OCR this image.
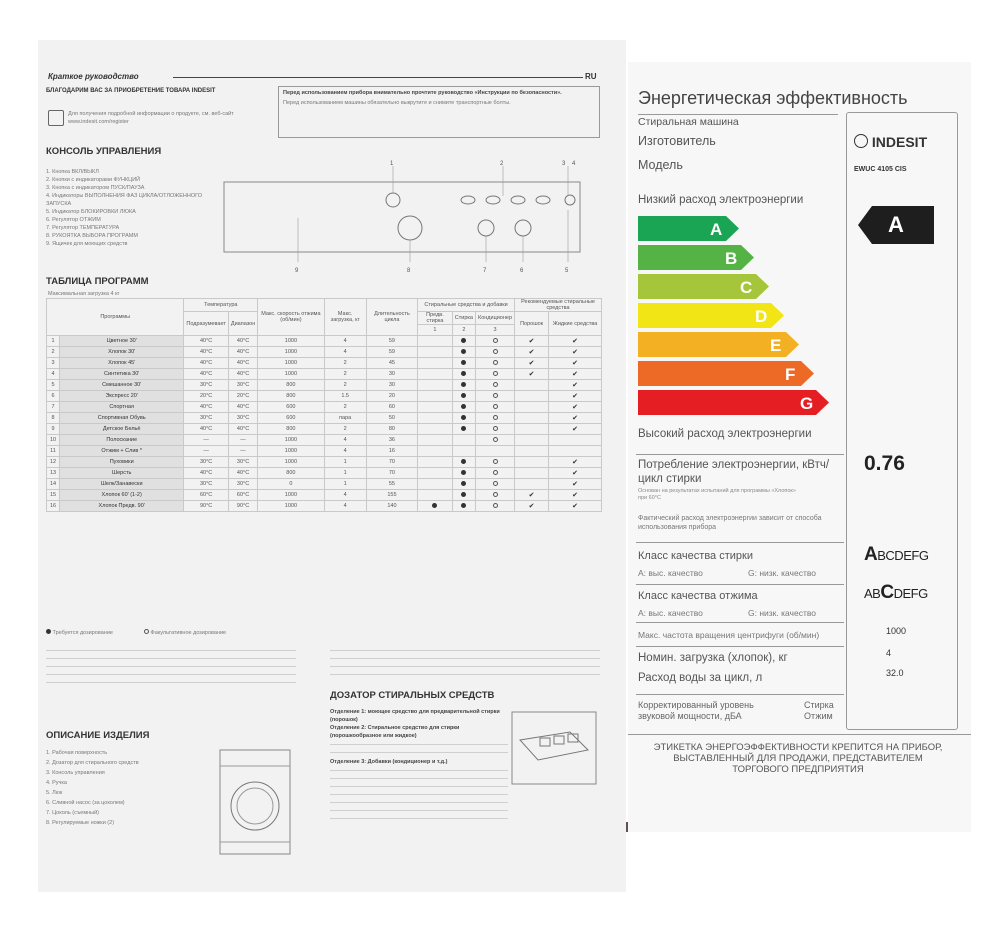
Краткое руководство	RU
БЛАГОДАРИМ ВАС ЗА ПРИОБРЕТЕНИЕ ТОВАРА INDESIT
Для получения подробной информации о продукте, см. веб-сайт www.indesit.com/register
Перед использованием прибора внимательно прочтите руководство «Инструкции по безопасности».
Перед использованием машины обязательно выкрутите и снимите транспортные болты.
КОНСОЛЬ УПРАВЛЕНИЯ
1. Кнопка ВКЛ/ВЫКЛ
2. Кнопки с индикаторами ФУНКЦИЙ
3. Кнопка с индикатором ПУСК/ПАУЗА
4. Индикаторы ВЫПОЛНЕНИЯ ФАЗ ЦИКЛА/ОТЛОЖЕННОГО ЗАПУСКА
5. Индикатор БЛОКИРОВКИ ЛЮКА
6. Регулятор ОТЖИМ
7. Регулятор ТЕМПЕРАТУРА
8. РУКОЯТКА ВЫБОРА ПРОГРАММ
9. Ящичек для моющих средств
1	2	3 4
9	8	7	6	5
ТАБЛИЦА ПРОГРАММ
Максимальная загрузка 4 кг
Программы		Температура		Макс. скорость отжима (об/мин)	Макс. загрузка, кг	Длительность цикла	Стиральные средства и добавки			Рекомендуемые стиральные средства	
		Подразумевает	Диапазон				Предв. стирка	Стирка	Кондиционер	Порошок	Жидкие средства
							1	2	3		
1	Цветное 30'	40°С	40°С	1000	4	59				✔	✔
2	Хлопок 30'	40°С	40°С	1000	4	59				✔	✔
3	Хлопок 45'	40°С	40°С	1000	2	45				✔	✔
4	Синтетика 30'	40°С	40°С	1000	2	30				✔	✔
5	Смешанное 30'	30°С	30°С	800	2	30					✔
6	Экспресс 20'	20°С	20°С	800	1.5	20					✔
7	Спортная	40°С	40°С	600	2	60					✔
8	Спортивная Обувь	30°С	30°С	600	пара	50					✔
9	Детское Бельё	40°С	40°С	800	2	80					✔
10	Полоскание	—	—	1000	4	36					
11	Отжим + Слив *	—	—	1000	4	16					
12	Пуховики	30°С	30°С	1000	1	70					✔
13	Шерсть	40°С	40°С	800	1	70					✔
14	Шелк/Занавески	30°С	30°С	0	1	55					✔
15	Хлопок 60' (1-2)	60°С	60°С	1000	4	155				✔	✔
16	Хлопок Предв. 90'	90°С	90°С	1000	4	140				✔	✔
Требуется дозирование	Факультативное дозирование
ДОЗАТОР СТИРАЛЬНЫХ СРЕДСТВ
Отделение 1: моющее средство для предварительной стирки (порошок)
Отделение 2: Стиральное средство для стирки (порошкообразное или жидкое)
Отделение 3: Добавки (кондиционер и т.д.)
ОПИСАНИЕ ИЗДЕЛИЯ
1. Рабочая поверхность
2. Дозатор для стирального средств
3. Консоль управления
4. Ручка
5. Люк
6. Сливной насос (за цоколем)
7. Цоколь (съемный)
8. Регулируемые ножки (2)
Энергетическая эффективность
Стиральная машина
Изготовитель
Модель
INDESIT
EWUC 4105 CIS
Низкий расход электроэнергии
A
B
C
D
E
F
G
A
Высокий расход электроэнергии
Потребление электроэнергии, кВтч/цикл стирки
Основан на результатах испытаний для программы «Хлопок» при 60°С
0.76
Фактический расход электроэнергии зависит от способа использования прибора
Класс качества стирки
А: выс. качество	G: низк. качество
ABCDEFG
Класс качества отжима
А: выс. качество	G: низк. качество
ABCDEFG
Макс. частота вращения центрифуги (об/мин)	1000
Номин. загрузка (хлопок), кг	4
Расход воды за цикл, л	32.0
Корректированный уровень звуковой мощности, дБА
Стирка
Отжим
ЭТИКЕТКА ЭНЕРГОЭФФЕКТИВНОСТИ КРЕПИТСЯ НА ПРИБОР, ВЫСТАВЛЕННЫЙ ДЛЯ ПРОДАЖИ, ПРЕДСТАВИТЕЛЕМ ТОРГОВОГО ПРЕДПРИЯТИЯ
